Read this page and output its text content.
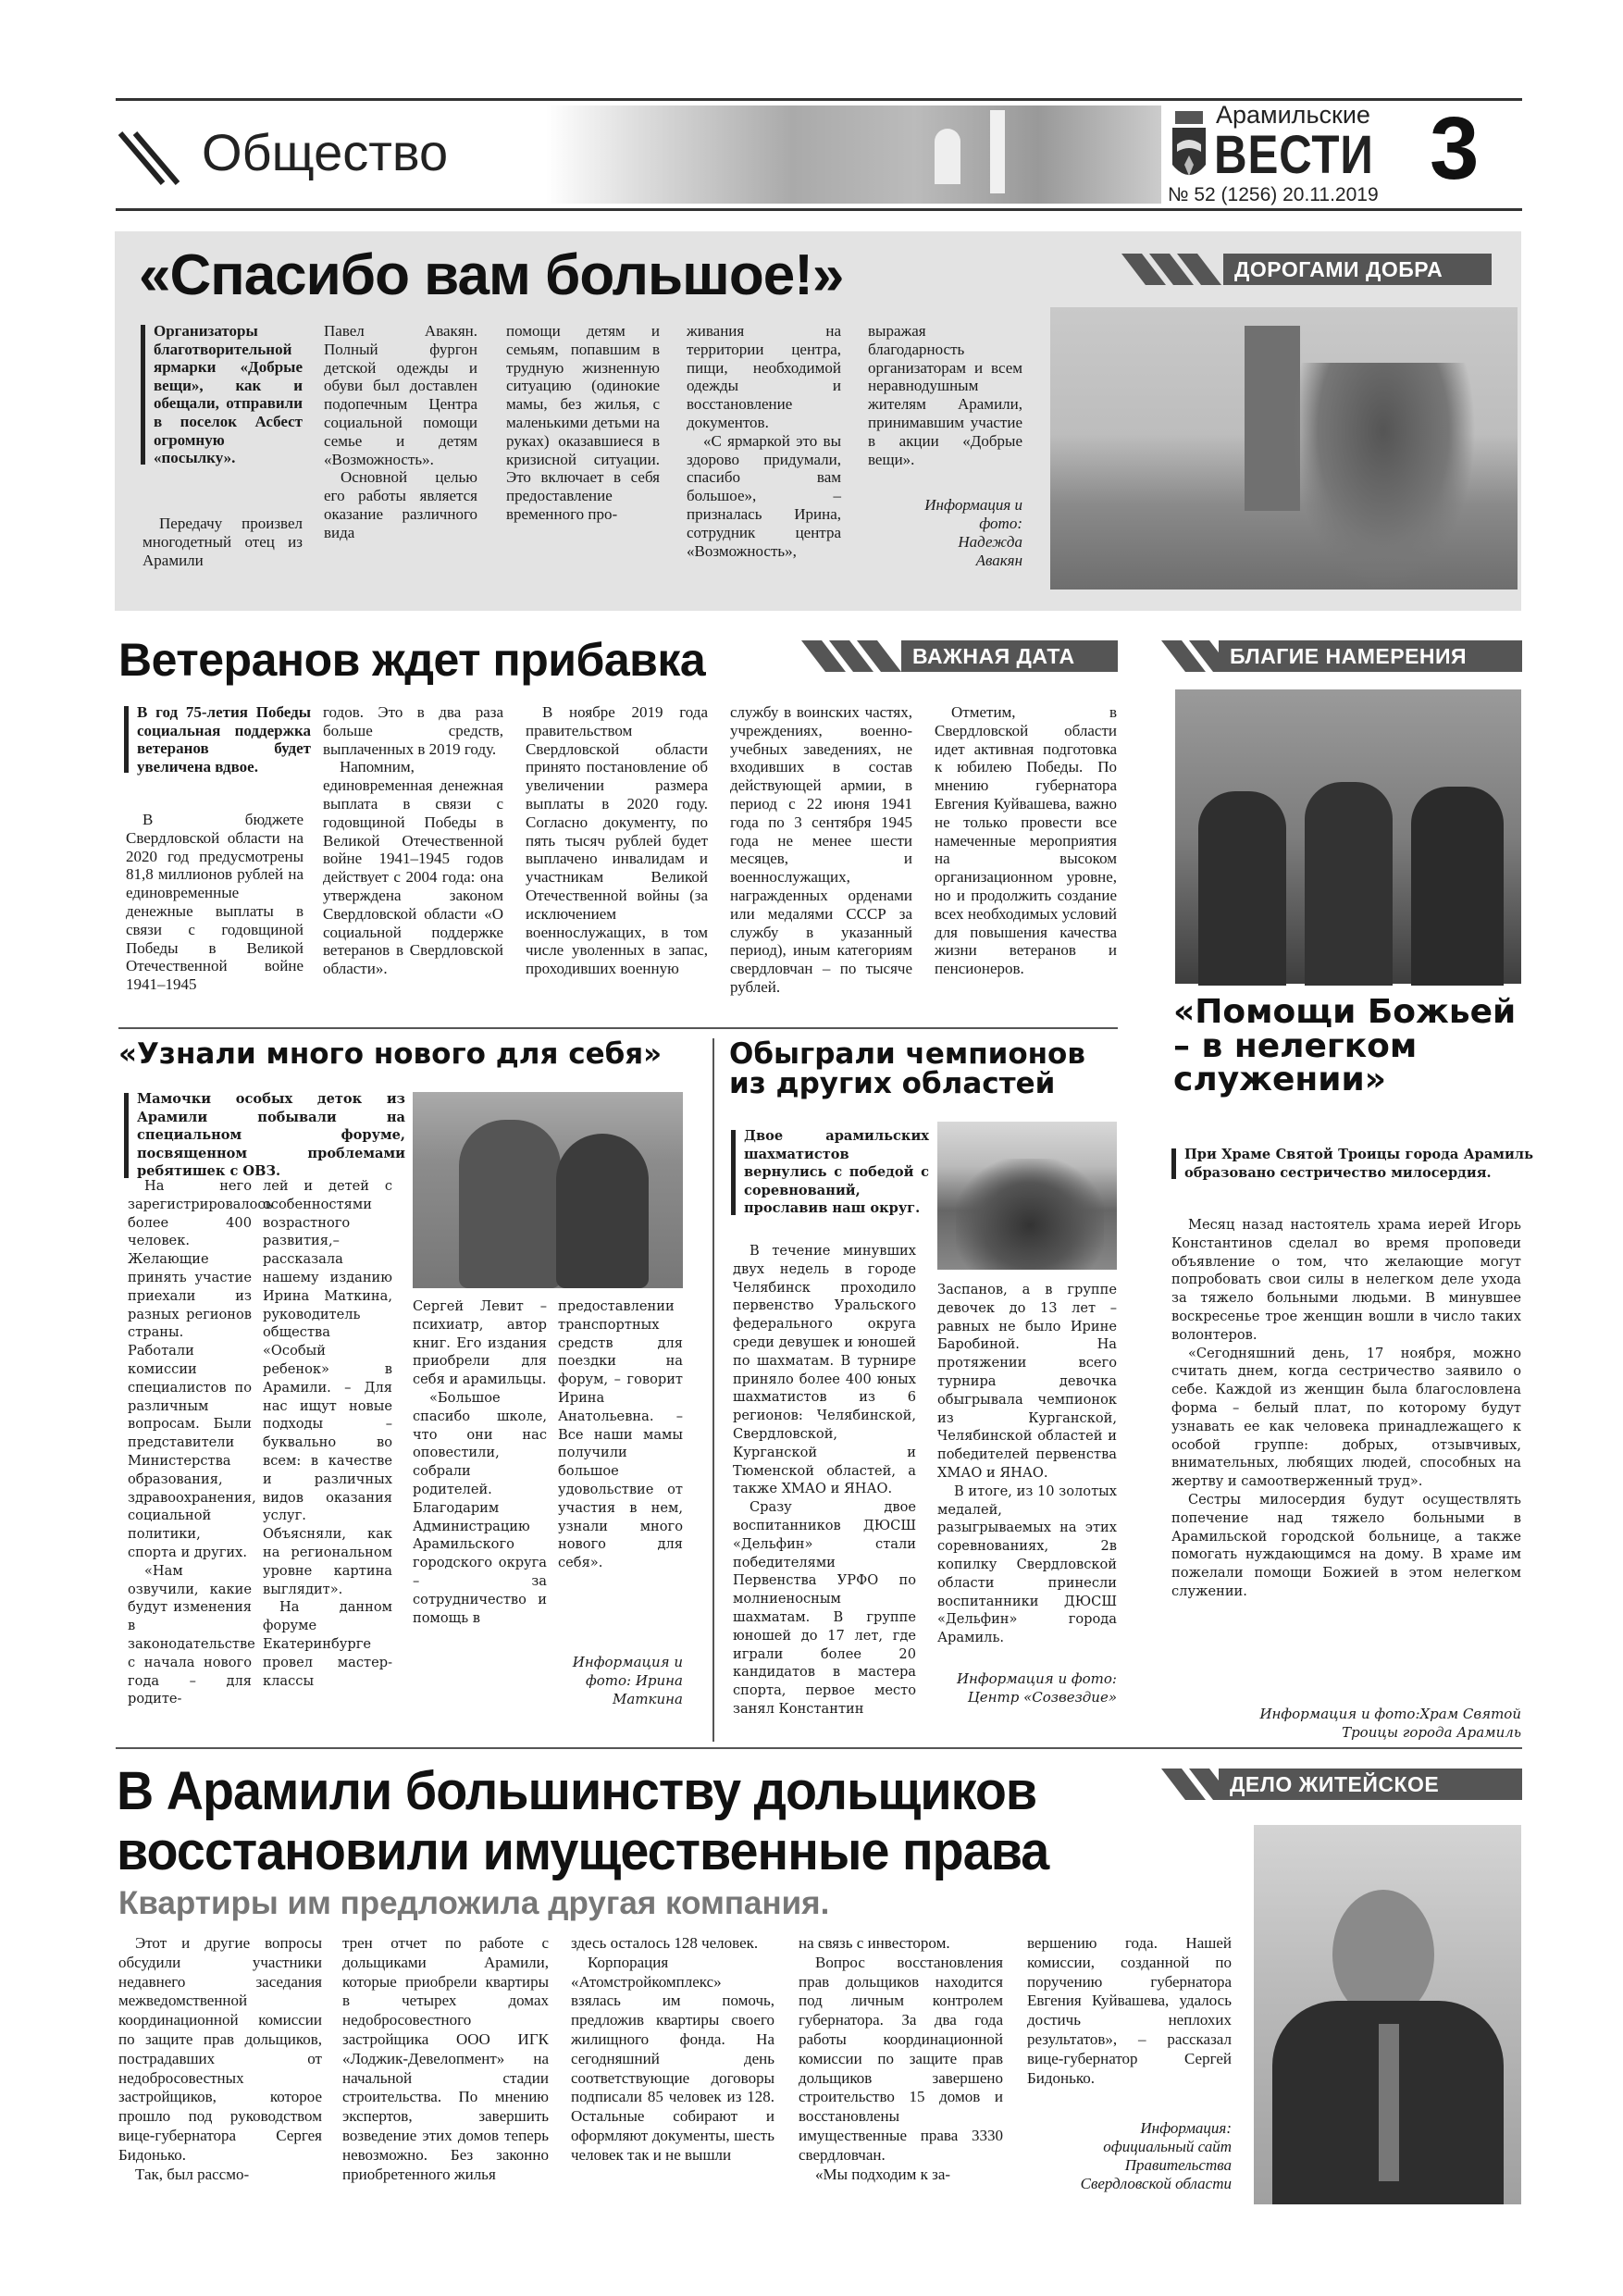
Общество
Арамильские
ВЕСТИ
№ 52 (1256) 20.11.2019 3
«Спасибо вам большое!»	ДОРОГАМИ ДОБРА
Организаторы благотворительной ярмарки «Добрые вещи», как и обещали, отправили в поселок Асбест огромную «посылку».

Передачу произвел многодетный отец из Арамили

Павел Авакян. Полный фургон детской одежды и обуви был доставлен подопечным Центра социальной помощи семье и детям «Возможность».

Основной целью его работы является оказание различного вида

помощи детям и семьям, попавшим в трудную жизненную ситуацию (одинокие мамы, без жилья, с маленькими детьми на руках) оказавшиеся в кризисной ситуации. Это включает в себя предоставление временного про-

живания на территории центра, пищи, необходимой одежды и восстановление документов.

«С ярмаркой это вы здорово придумали, спасибо вам большое», – призналась Ирина, сотрудник центра «Возможность»,

выражая благодарность организаторам и всем неравнодушным жителям Арамили, принимавшим участие в акции «Добрые вещи».

Информация и фото: Надежда Авакян
Ветеранов ждет прибавка	ВАЖНАЯ ДАТА
В год 75-летия Победы социальная поддержка ветеранов будет увеличена вдвое.

В бюджете Свердловской области на 2020 год предусмотрены 81,8 миллионов рублей на единовременные денежные выплаты в связи с годовщиной Победы в Великой Отечественной войне 1941–1945

годов. Это в два раза больше средств, выплаченных в 2019 году.

Напомним, единовременная денежная выплата в связи с годовщиной Победы в Великой Отечественной войне 1941–1945 годов действует с 2004 года: она утверждена законом Свердловской области «О социальной поддержке ветеранов в Свердловской области».

В ноябре 2019 года правительством Свердловской области принято постановление об увеличении размера выплаты в 2020 году. Согласно документу, по пять тысяч рублей будет выплачено инвалидам и участникам Великой Отечественной войны (за исключением военнослужащих, в том числе уволенных в запас, проходивших военную

службу в воинских частях, учреждениях, военно-учебных заведениях, не входивших в состав действующей армии, в период с 22 июня 1941 года по 3 сентября 1945 года не менее шести месяцев, и военнослужащих, награжденных орденами или медалями СССР за службу в указанный период), иным категориям свердловчан – по тысяче рублей.

Отметим, в Свердловской области идет активная подготовка к юбилею Победы. По мнению губернатора Евгения Куйвашева, важно не только провести все намеченные мероприятия на высоком организационном уровне, но и продолжить создание всех необходимых условий для повышения качества жизни ветеранов и пенсионеров.

БЛАГИЕ НАМЕРЕНИЯ
«Помощи Божьей – в нелегком служении»
При Храме Святой Троицы города Арамиль образовано сестричество милосердия.

Месяц назад настоятель храма иерей Игорь Константинов сделал во время проповеди объявление о том, что желающие могут попробовать свои силы в нелегком деле ухода за тяжело больными людьми. В минувшее воскресенье трое женщин вошли в число таких волонтеров.

«Сегодняшний день, 17 ноября, можно считать днем, когда сестричество заявило о себе. Каждой из женщин была благословлена форма – белый плат, по которому будут узнавать ее как человека принадлежащего к особой группе: добрых, отзывчивых, внимательных, любящих людей, способных на жертву и самоотверженный труд».

Сестры милосердия будут осуществлять попечение над тяжело больными в Арамильской городской больнице, а также помогать нуждающимся на дому. В храме им пожелали помощи Божией в этом нелегком служении.

Информация и фото:Храм Святой Троицы города Арамиль
«Узнали много нового для себя»
Мамочки особых деток из Арамили побывали на специальном форуме, посвященном проблемами ребятишек с ОВЗ.

На него зарегистрировалось более 400 человек. Желающие принять участие приехали из разных регионов страны. Работали комиссии специалистов по различным вопросам. Были представители Министерства образования, здравоохранения, социальной политики, спорта и других.

«Нам озвучили, какие будут изменения в законодательстве с начала нового года – для родите-

лей и детей с особенностями возрастного развития,– рассказала нашему изданию Ирина Маткина, руководитель общества «Особый ребенок» в Арамили. – Для нас ищут новые подходы – буквально во всем: в качестве и различных видов оказания услуг. Объясняли, как на региональном уровне картина выглядит».

На данном форуме Екатеринбурге провел мастер-классы

Сергей Левит – психиатр, автор книг. Его издания приобрели для себя и арамильцы.

«Большое спасибо школе, что они нас оповестили, собрали родителей. Благодарим Администрацию Арамильского городского округа – за сотрудничество и помощь в

предоставлении транспортных средств для поездки на форум, – говорит Ирина Анатольевна. – Все наши мамы получили большое удовольствие от участия в нем, узнали много нового для себя».

Информация и фото: Ирина Маткина
Обыграли чемпионов из других областей
Двое арамильских шахматистов вернулись с победой с соревнований, прославив наш округ.

В течение минувших двух недель в городе Челябинск проходило первенство Уральского федерального округа среди девушек и юношей по шахматам. В турнире приняло более 400 юных шахматистов из 6 регионов: Челябинской, Свердловской, Курганской и Тюменской областей, а также ХМАО и ЯНАО.

Сразу двое воспитанников ДЮСШ «Дельфин» стали победителями Первенства УРФО по молниеносным шахматам. В группе юношей до 17 лет, где играли более 20 кандидатов в мастера спорта, первое место занял Константин

Заспанов, а в группе девочек до 13 лет – равных не было Ирине Баробиной. На протяжении всего турнира девочка обыгрывала чемпионок из Курганской, Челябинской областей и победителей первенства ХМАО и ЯНАО.

В итоге, из 10 золотых медалей, разыгрываемых на этих соревнованиях, 2в копилку Свердловской области принесли воспитанники ДЮСШ «Дельфин» города Арамиль.

Информация и фото: Центр «Созвездие»
ДЕЛО ЖИТЕЙСКОЕ
В Арамили большинству дольщиков
восстановили имущественные права
Квартиры им предложила другая компания.

Этот и другие вопросы обсудили участники недавнего заседания межведомственной координационной комиссии по защите прав дольщиков, пострадавших от недобросовестных застройщиков, которое прошло под руководством вице-губернатора Сергея Бидонько.

Так, был рассмо-

трен отчет по работе с дольщиками Арамили, которые приобрели квартиры в четырех домах недобросовестного застройщика ООО ИГК «Лоджик-Девелопмент» на начальной стадии строительства. По мнению экспертов, завершить возведение этих домов теперь невозможно. Без законно приобретенного жилья

здесь осталось 128 человек.

Корпорация «Атомстройкомплекс» взялась им помочь, предложив квартиры своего жилищного фонда. На сегодняшний день соответствующие договоры подписали 85 человек из 128. Остальные собирают и оформляют документы, шесть человек так и не вышли

на связь с инвестором.

Вопрос восстановления прав дольщиков находится под личным контролем губернатора. За два года работы координационной комиссии по защите прав дольщиков завершено строительство 15 домов и восстановлены имущественные права 3330 свердловчан.

«Мы подходим к за-

вершению года. Нашей комиссии, созданной по поручению губернатора Евгения Куйвашева, удалось достичь неплохих результатов», – рассказал вице-губернатор Сергей Бидонько.

Информация: официальный сайт Правительства Свердловской области
